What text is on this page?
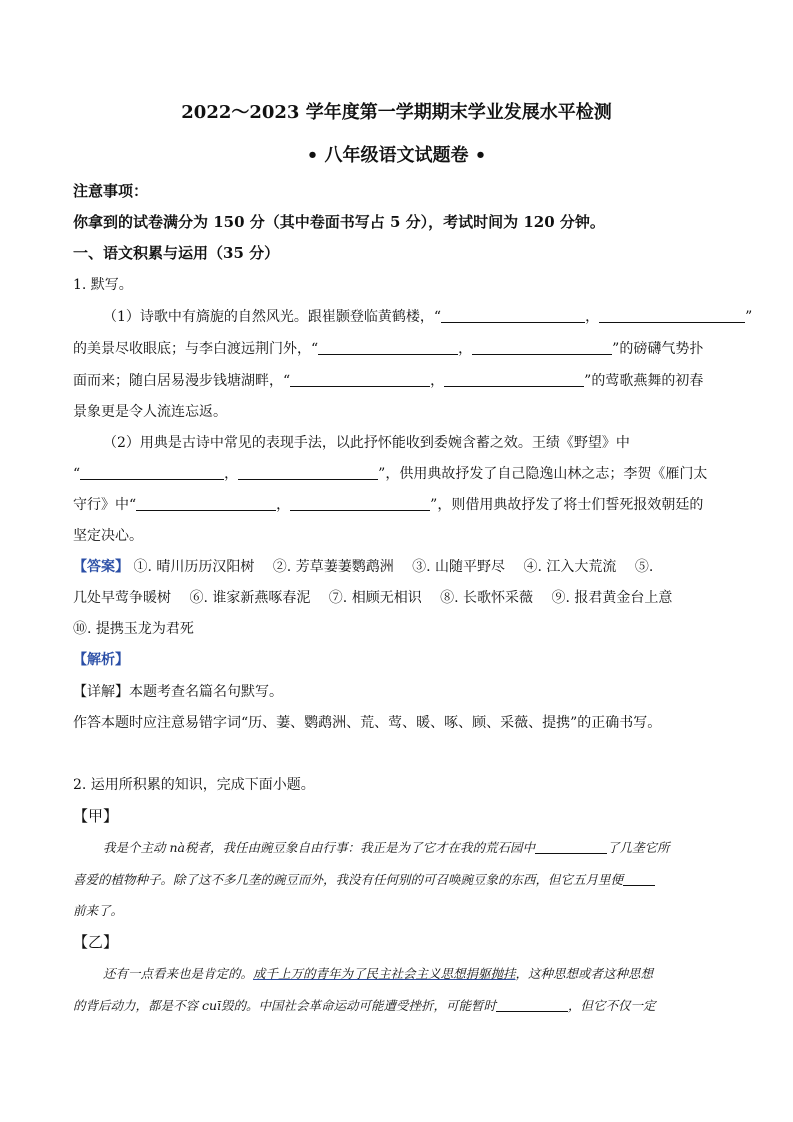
2022～2023 学年度第一学期期末学业发展水平检测
• 八年级语文试题卷 •
注意事项：
你拿到的试卷满分为 150 分（其中卷面书写占 5 分），考试时间为 120 分钟。
一、语文积累与运用（35 分）
1. 默写。
（1）诗歌中有旖旎的自然风光。跟崔颢登临黄鹤楼，“	，	”
的美景尽收眼底；与李白渡远荆门外，“	，	”的磅礴气势扑
面而来；随白居易漫步钱塘湖畔，“	，	”的莺歌燕舞的初春
景象更是令人流连忘返。
（2）用典是古诗中常见的表现手法，以此抒怀能收到委婉含蓄之效。王绩《野望》中
“	，	”，供用典故抒发了自己隐逸山林之志；李贺《雁门太
守行》中“	，	”，则借用典故抒发了将士们誓死报效朝廷的
坚定决心。
【答案】 ①. 晴川历历汉阳树　 ②. 芳草萋萋鹦鹉洲　 ③. 山随平野尽　 ④. 江入大荒流　 ⑤.
几处早莺争暖树　 ⑥. 谁家新燕啄春泥　 ⑦. 相顾无相识　 ⑧. 长歌怀采薇　 ⑨. 报君黄金台上意
⑩. 提携玉龙为君死
【解析】
【详解】本题考查名篇名句默写。
作答本题时应注意易错字词“历、萋、鹦鹉洲、荒、莺、暖、啄、顾、采薇、提携”的正确书写。
2. 运用所积累的知识，完成下面小题。
【甲】
我是个主动 nà税者，我任由豌豆象自由行事：我正是为了它才在我的荒石园中	了几垄它所
喜爱的植物种子。除了这不多几垄的豌豆而外，我没有任何别的可召唤豌豆象的东西，但它五月里便
前来了。
【乙】
还有一点看来也是肯定的。成千上万的青年为了民主社会主义思想捐躯抛挂，这种思想或者这种思想
的背后动力，都是不容 cuī毁的。中国社会革命运动可能遭受挫折，可能暂时	，但它不仅一定
